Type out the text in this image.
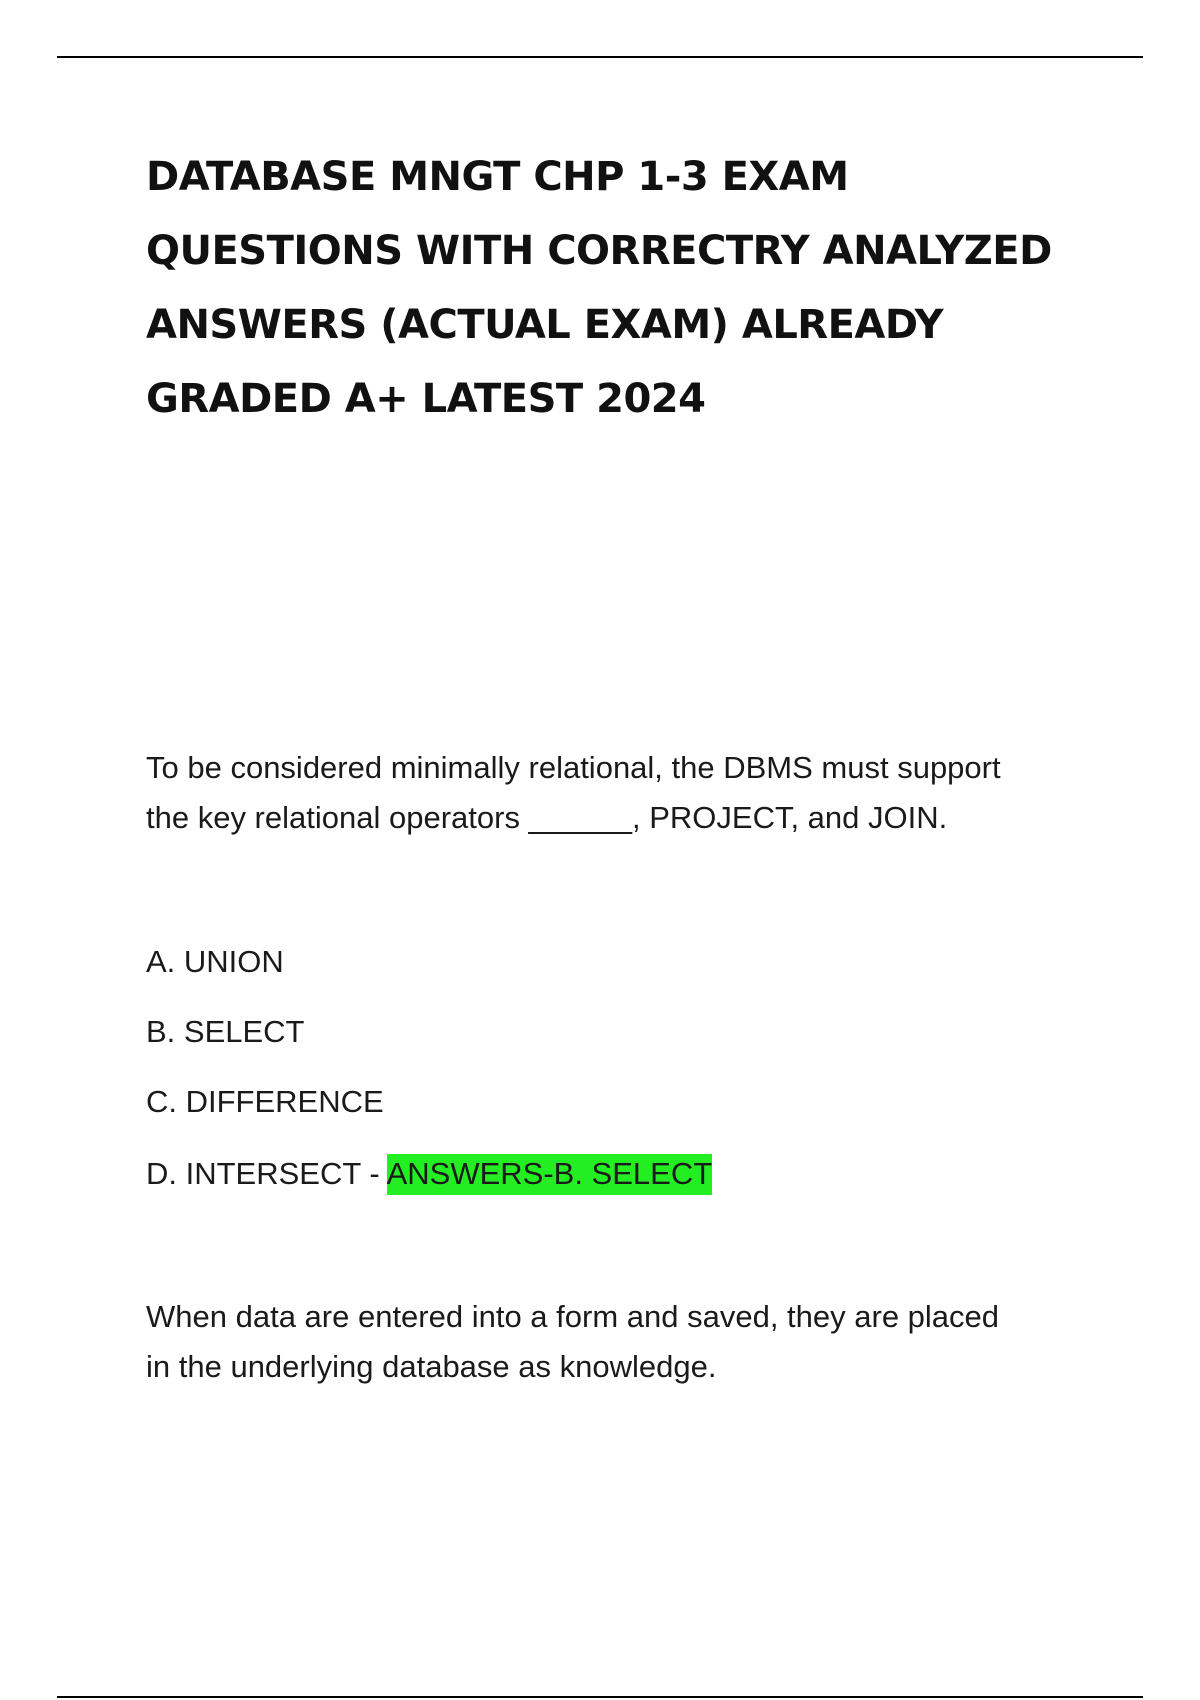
DATABASE MNGT CHP 1-3 EXAM
QUESTIONS WITH CORRECTRY ANALYZED
ANSWERS (ACTUAL EXAM) ALREADY
GRADED A+ LATEST 2024

To be considered minimally relational, the DBMS must support
the key relational operators ______, PROJECT, and JOIN.

A. UNION

B. SELECT

C. DIFFERENCE

D. INTERSECT - ANSWERS-B. SELECT

When data are entered into a form and saved, they are placed
in the underlying database as knowledge.
